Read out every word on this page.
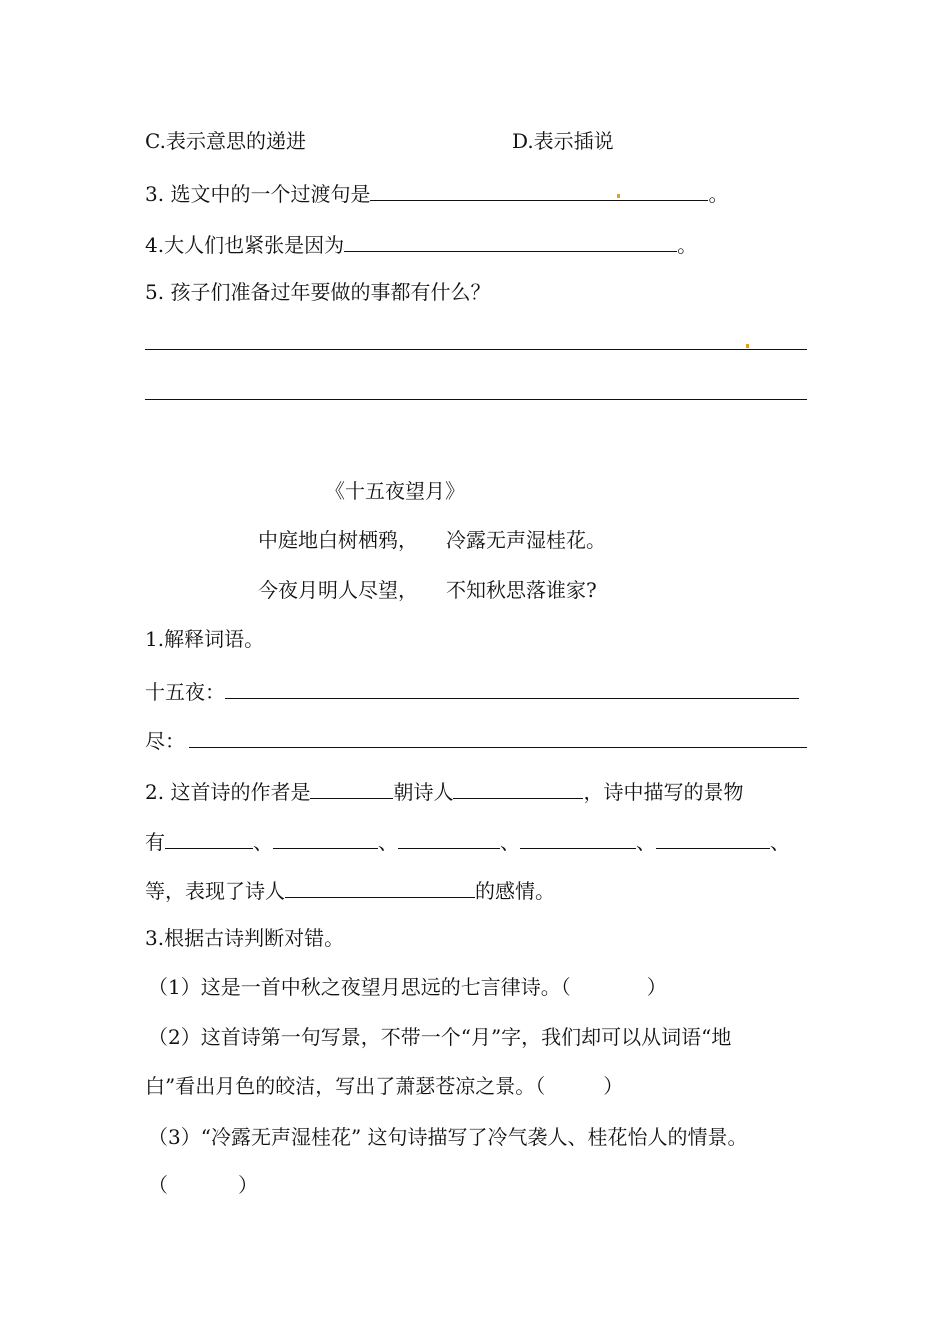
C.表示意思的递进	D.表示插说
3. 选文中的一个过渡句是	。
4.大人们也紧张是因为	。
5. 孩子们准备过年要做的事都有什么？
《十五夜望月》
中庭地白树栖鸦， 冷露无声湿桂花。
今夜月明人尽望， 不知秋思落谁家?
1.解释词语。
十五夜：
尽：
2. 这首诗的作者是	朝诗人	，诗中描写的景物
有	、	、	、	、	、
等，表现了诗人	的感情。
3.根据古诗判断对错。
（1）这是一首中秋之夜望月思远的七言律诗。（	）
（2）这首诗第一句写景，不带一个“月”字，我们却可以从词语“地
白”看出月色的皎洁，写出了萧瑟苍凉之景。（	）
（3）“冷露无声湿桂花” 这句诗描写了冷气袭人、桂花怡人的情景。
（	）
